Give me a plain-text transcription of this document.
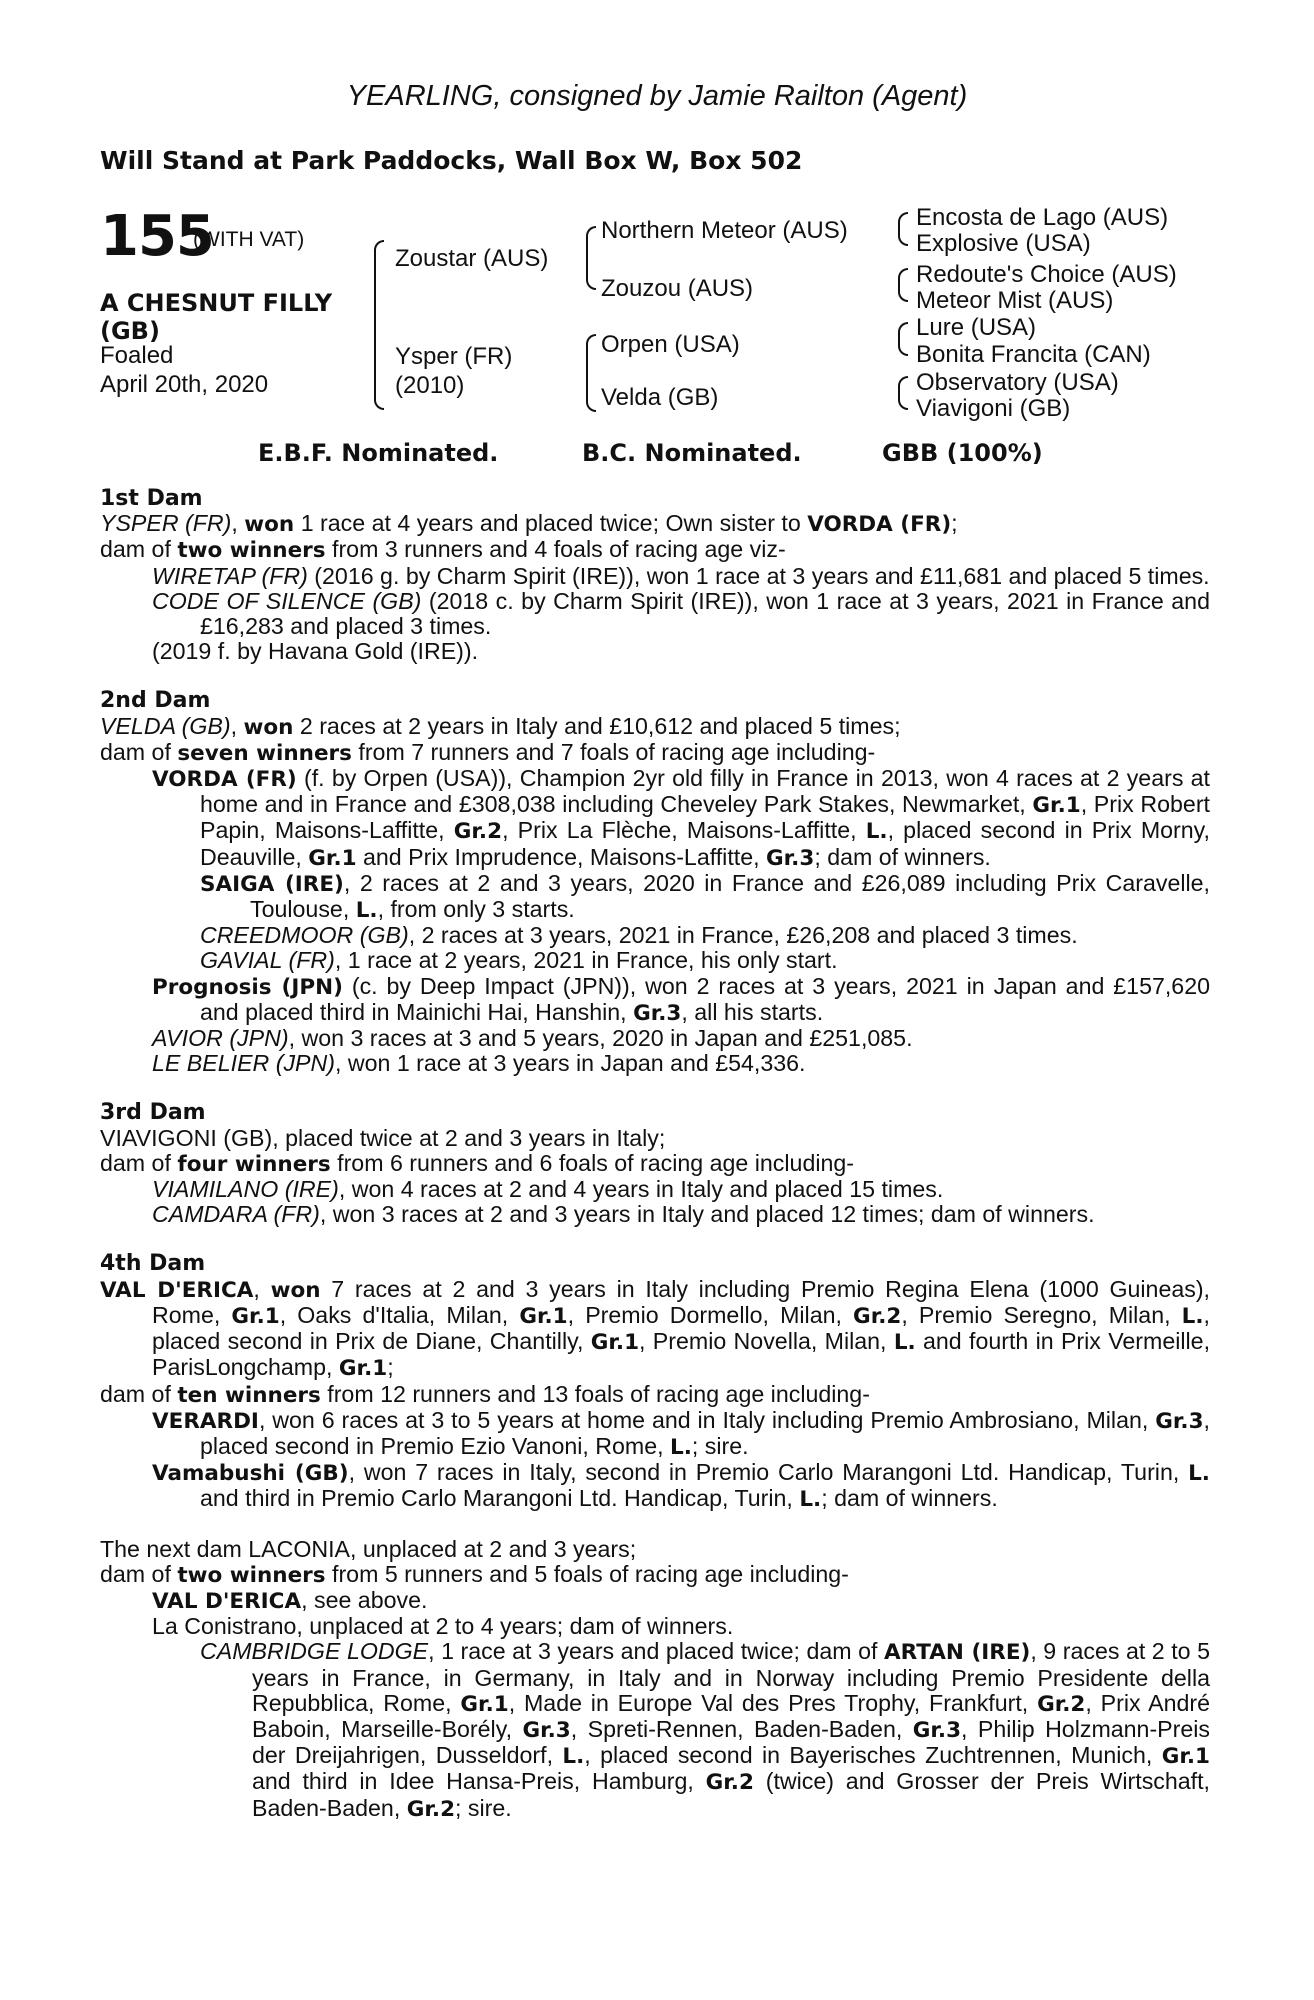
YEARLING, consigned by Jamie Railton (Agent)
Will Stand at Park Paddocks, Wall Box W, Box 502
155
(WITH VAT)
A CHESNUT FILLY
(GB)
Foaled
April 20th, 2020
Zoustar (AUS)
Ysper (FR)
(2010)
Northern Meteor (AUS)
Zouzou (AUS)
Orpen (USA)
Velda (GB)
Encosta de Lago (AUS)
Explosive (USA)
Redoute's Choice (AUS)
Meteor Mist (AUS)
Lure (USA)
Bonita Francita (CAN)
Observatory (USA)
Viavigoni (GB)
E.B.F. Nominated.	B.C. Nominated.	GBB (100%)

1st Dam

YSPER (FR), won 1 race at 4 years and placed twice; Own sister to VORDA (FR);

dam of two winners from 3 runners and 4 foals of racing age viz-

WIRETAP (FR) (2016 g. by Charm Spirit (IRE)), won 1 race at 3 years and £11,681 and placed 5 times.

CODE OF SILENCE (GB) (2018 c. by Charm Spirit (IRE)), won 1 race at 3 years, 2021 in France and £16,283 and placed 3 times.

(2019 f. by Havana Gold (IRE)).

2nd Dam

VELDA (GB), won 2 races at 2 years in Italy and £10,612 and placed 5 times;

dam of seven winners from 7 runners and 7 foals of racing age including-

VORDA (FR) (f. by Orpen (USA)), Champion 2yr old filly in France in 2013, won 4 races at 2 years at home and in France and £308,038 including Cheveley Park Stakes, Newmarket, Gr.1, Prix Robert Papin, Maisons-Laffitte, Gr.2, Prix La Flèche, Maisons-Laffitte, L., placed second in Prix Morny, Deauville, Gr.1 and Prix Imprudence, Maisons-Laffitte, Gr.3; dam of winners.

SAIGA (IRE), 2 races at 2 and 3 years, 2020 in France and £26,089 including Prix Caravelle, Toulouse, L., from only 3 starts.

CREEDMOOR (GB), 2 races at 3 years, 2021 in France, £26,208 and placed 3 times.

GAVIAL (FR), 1 race at 2 years, 2021 in France, his only start.

Prognosis (JPN) (c. by Deep Impact (JPN)), won 2 races at 3 years, 2021 in Japan and £157,620 and placed third in Mainichi Hai, Hanshin, Gr.3, all his starts.

AVIOR (JPN), won 3 races at 3 and 5 years, 2020 in Japan and £251,085.

LE BELIER (JPN), won 1 race at 3 years in Japan and £54,336.

3rd Dam

VIAVIGONI (GB), placed twice at 2 and 3 years in Italy;

dam of four winners from 6 runners and 6 foals of racing age including-

VIAMILANO (IRE), won 4 races at 2 and 4 years in Italy and placed 15 times.

CAMDARA (FR), won 3 races at 2 and 3 years in Italy and placed 12 times; dam of winners.

4th Dam

VAL D'ERICA, won 7 races at 2 and 3 years in Italy including Premio Regina Elena (1000 Guineas), Rome, Gr.1, Oaks d'Italia, Milan, Gr.1, Premio Dormello, Milan, Gr.2, Premio Seregno, Milan, L., placed second in Prix de Diane, Chantilly, Gr.1, Premio Novella, Milan, L. and fourth in Prix Vermeille, ParisLongchamp, Gr.1;

dam of ten winners from 12 runners and 13 foals of racing age including-

VERARDI, won 6 races at 3 to 5 years at home and in Italy including Premio Ambrosiano, Milan, Gr.3, placed second in Premio Ezio Vanoni, Rome, L.; sire.

Vamabushi (GB), won 7 races in Italy, second in Premio Carlo Marangoni Ltd. Handicap, Turin, L. and third in Premio Carlo Marangoni Ltd. Handicap, Turin, L.; dam of winners.

The next dam LACONIA, unplaced at 2 and 3 years;

dam of two winners from 5 runners and 5 foals of racing age including-

VAL D'ERICA, see above.

La Conistrano, unplaced at 2 to 4 years; dam of winners.

CAMBRIDGE LODGE, 1 race at 3 years and placed twice; dam of ARTAN (IRE), 9 races at 2 to 5 years in France, in Germany, in Italy and in Norway including Premio Presidente della Repubblica, Rome, Gr.1, Made in Europe Val des Pres Trophy, Frankfurt, Gr.2, Prix André Baboin, Marseille-Borély, Gr.3, Spreti-Rennen, Baden-Baden, Gr.3, Philip Holzmann-Preis der Dreijahrigen, Dusseldorf, L., placed second in Bayerisches Zuchtrennen, Munich, Gr.1 and third in Idee Hansa-Preis, Hamburg, Gr.2 (twice) and Grosser der Preis Wirtschaft, Baden-Baden, Gr.2; sire.
